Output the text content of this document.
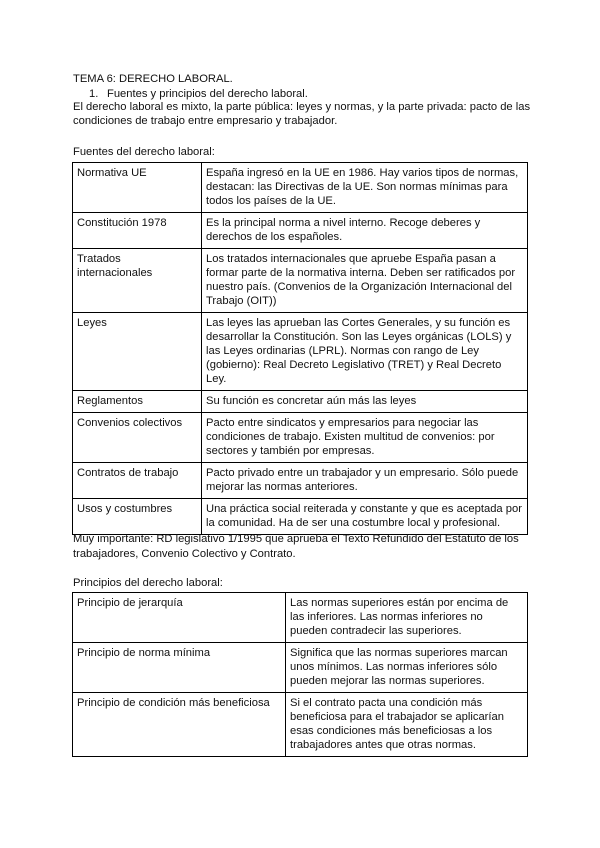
TEMA 6: DERECHO LABORAL.
1. Fuentes y principios del derecho laboral.
El derecho laboral es mixto, la parte pública: leyes y normas, y la parte privada: pacto de las condiciones de trabajo entre empresario y trabajador.
Fuentes del derecho laboral:
Normativa UE	España ingresó en la UE en 1986. Hay varios tipos de normas, destacan: las Directivas de la UE. Son normas mínimas para todos los países de la UE.
Constitución 1978	Es la principal norma a nivel interno. Recoge deberes y derechos de los españoles.
Tratados internacionales	Los tratados internacionales que apruebe España pasan a formar parte de la normativa interna. Deben ser ratificados por nuestro país. (Convenios de la Organización Internacional del Trabajo (OIT))
Leyes	Las leyes las aprueban las Cortes Generales, y su función es desarrollar la Constitución. Son las Leyes orgánicas (LOLS) y las Leyes ordinarias (LPRL). Normas con rango de Ley (gobierno): Real Decreto Legislativo (TRET) y Real Decreto Ley.
Reglamentos	Su función es concretar aún más las leyes
Convenios colectivos	Pacto entre sindicatos y empresarios para negociar las condiciones de trabajo. Existen multitud de convenios: por sectores y también por empresas.
Contratos de trabajo	Pacto privado entre un trabajador y un empresario. Sólo puede mejorar las normas anteriores.
Usos y costumbres	Una práctica social reiterada y constante y que es aceptada por la comunidad. Ha de ser una costumbre local y profesional.
Muy importante: RD legislativo 1/1995 que aprueba el Texto Refundido del Estatuto de los
trabajadores, Convenio Colectivo y Contrato.
Principios del derecho laboral:
Principio de jerarquía	Las normas superiores están por encima de las inferiores. Las normas inferiores no pueden contradecir las superiores.
Principio de norma mínima	Significa que las normas superiores marcan unos mínimos. Las normas inferiores sólo pueden mejorar las normas superiores.
Principio de condición más beneficiosa	Si el contrato pacta una condición más beneficiosa para el trabajador se aplicarían esas condiciones más beneficiosas a los trabajadores antes que otras normas.
